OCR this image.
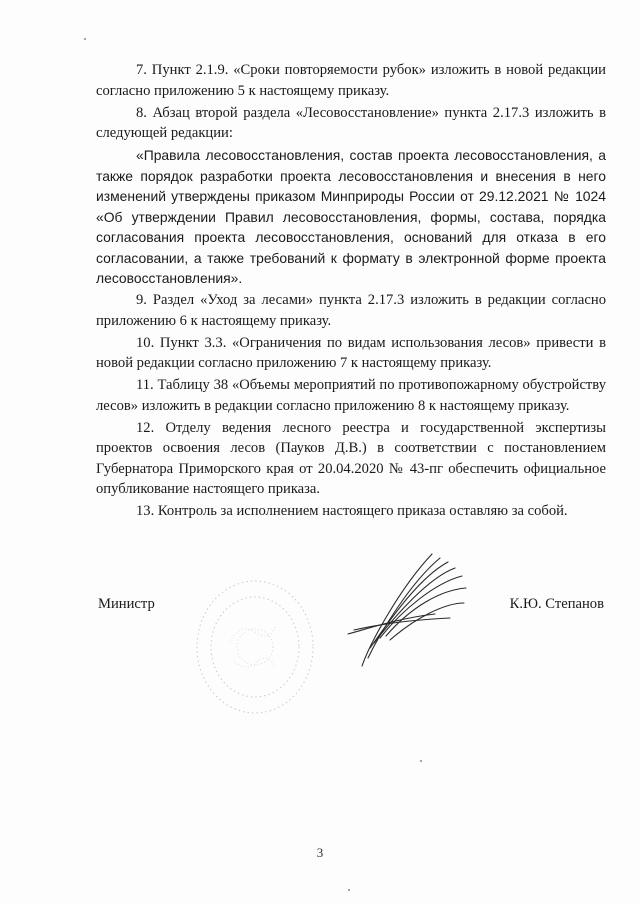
7. Пункт 2.1.9. «Сроки повторяемости рубок» изложить в новой редакции согласно приложению 5 к настоящему приказу.

8. Абзац второй раздела «Лесовосстановление» пункта 2.17.3 изложить в следующей редакции:

«Правила лесовосстановления, состав проекта лесовосстановления, а также порядок разработки проекта лесовосстановления и внесения в него изменений утверждены приказом Минприроды России от 29.12.2021 № 1024 «Об утверждении Правил лесовосстановления, формы, состава, порядка согласования проекта лесовосстановления, оснований для отказа в его согласовании, а также требований к формату в электронной форме проекта лесовосстановления».

9. Раздел «Уход за лесами» пункта 2.17.3 изложить в редакции согласно приложению 6 к настоящему приказу.

10. Пункт 3.3. «Ограничения по видам использования лесов» привести в новой редакции согласно приложению 7 к настоящему приказу.

11. Таблицу 38 «Объемы мероприятий по противопожарному обустройству лесов» изложить в редакции согласно приложению 8 к настоящему приказу.

12. Отделу ведения лесного реестра и государственной экспертизы проектов освоения лесов (Пауков Д.В.) в соответствии с постановлением Губернатора Приморского края от 20.04.2020 № 43-пг обеспечить официальное опубликование настоящего приказа.

13. Контроль за исполнением настоящего приказа оставляю за собой.

Министр	К.Ю. Степанов
3
